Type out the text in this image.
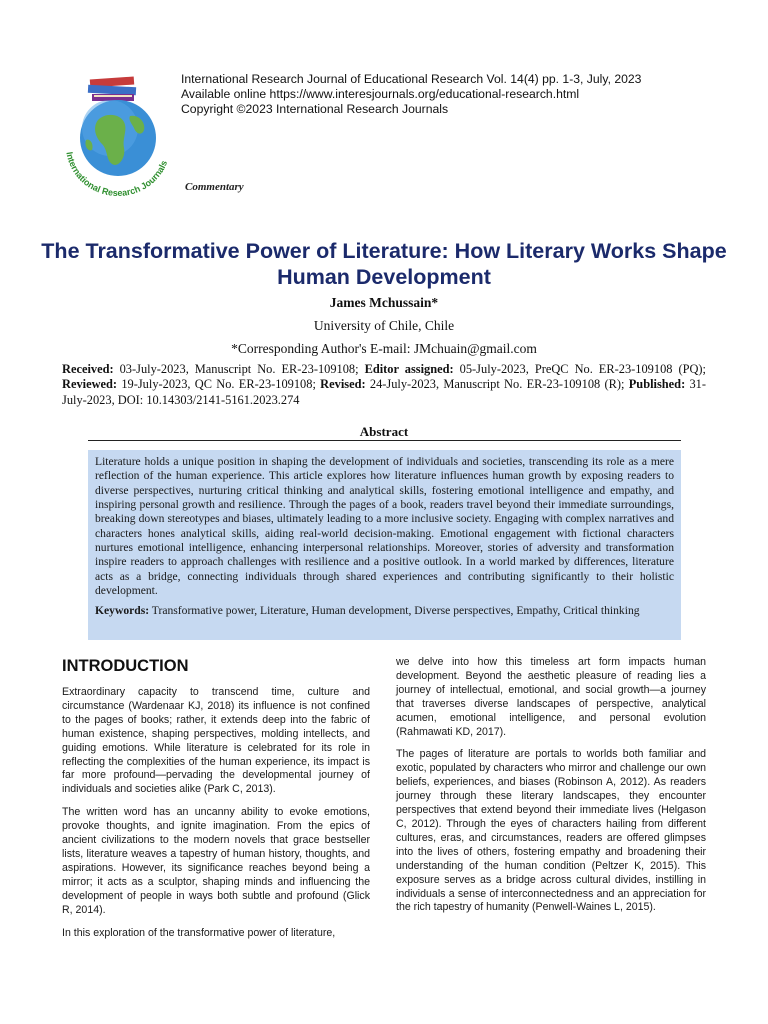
International Research Journals
International Research Journal of Educational Research Vol. 14(4) pp. 1-3, July, 2023
Available online https://www.interesjournals.org/educational-research.html
Copyright ©2023 International Research Journals
Commentary
The Transformative Power of Literature: How Literary Works Shape Human Development
James Mchussain*
University of Chile, Chile
*Corresponding Author's E-mail: JMchuain@gmail.com
Received: 03-July-2023, Manuscript No. ER-23-109108; Editor assigned: 05-July-2023, PreQC No. ER-23-109108 (PQ); Reviewed: 19-July-2023, QC No. ER-23-109108; Revised: 24-July-2023, Manuscript No. ER-23-109108 (R); Published: 31-July-2023, DOI: 10.14303/2141-5161.2023.274
Abstract
Literature holds a unique position in shaping the development of individuals and societies, transcending its role as a mere reflection of the human experience. This article explores how literature influences human growth by exposing readers to diverse perspectives, nurturing critical thinking and analytical skills, fostering emotional intelligence and empathy, and inspiring personal growth and resilience. Through the pages of a book, readers travel beyond their immediate surroundings, breaking down stereotypes and biases, ultimately leading to a more inclusive society. Engaging with complex narratives and characters hones analytical skills, aiding real-world decision-making. Emotional engagement with fictional characters nurtures emotional intelligence, enhancing interpersonal relationships. Moreover, stories of adversity and transformation inspire readers to approach challenges with resilience and a positive outlook. In a world marked by differences, literature acts as a bridge, connecting individuals through shared experiences and contributing significantly to their holistic development.
Keywords: Transformative power, Literature, Human development, Diverse perspectives, Empathy, Critical thinking
INTRODUCTION

Extraordinary capacity to transcend time, culture and circumstance (Wardenaar KJ, 2018) its influence is not confined to the pages of books; rather, it extends deep into the fabric of human existence, shaping perspectives, molding intellects, and guiding emotions. While literature is celebrated for its role in reflecting the complexities of the human experience, its impact is far more profound—pervading the developmental journey of individuals and societies alike (Park C, 2013).

The written word has an uncanny ability to evoke emotions, provoke thoughts, and ignite imagination. From the epics of ancient civilizations to the modern novels that grace bestseller lists, literature weaves a tapestry of human history, thoughts, and aspirations. However, its significance reaches beyond being a mirror; it acts as a sculptor, shaping minds and influencing the development of people in ways both subtle and profound (Glick R, 2014).

In this exploration of the transformative power of literature,

we delve into how this timeless art form impacts human development. Beyond the aesthetic pleasure of reading lies a journey of intellectual, emotional, and social growth—a journey that traverses diverse landscapes of perspective, analytical acumen, emotional intelligence, and personal evolution (Rahmawati KD, 2017).

The pages of literature are portals to worlds both familiar and exotic, populated by characters who mirror and challenge our own beliefs, experiences, and biases (Robinson A, 2012). As readers journey through these literary landscapes, they encounter perspectives that extend beyond their immediate lives (Helgason C, 2012). Through the eyes of characters hailing from different cultures, eras, and circumstances, readers are offered glimpses into the lives of others, fostering empathy and broadening their understanding of the human condition (Peltzer K, 2015). This exposure serves as a bridge across cultural divides, instilling in individuals a sense of interconnectedness and an appreciation for the rich tapestry of humanity (Penwell-Waines L, 2015).
